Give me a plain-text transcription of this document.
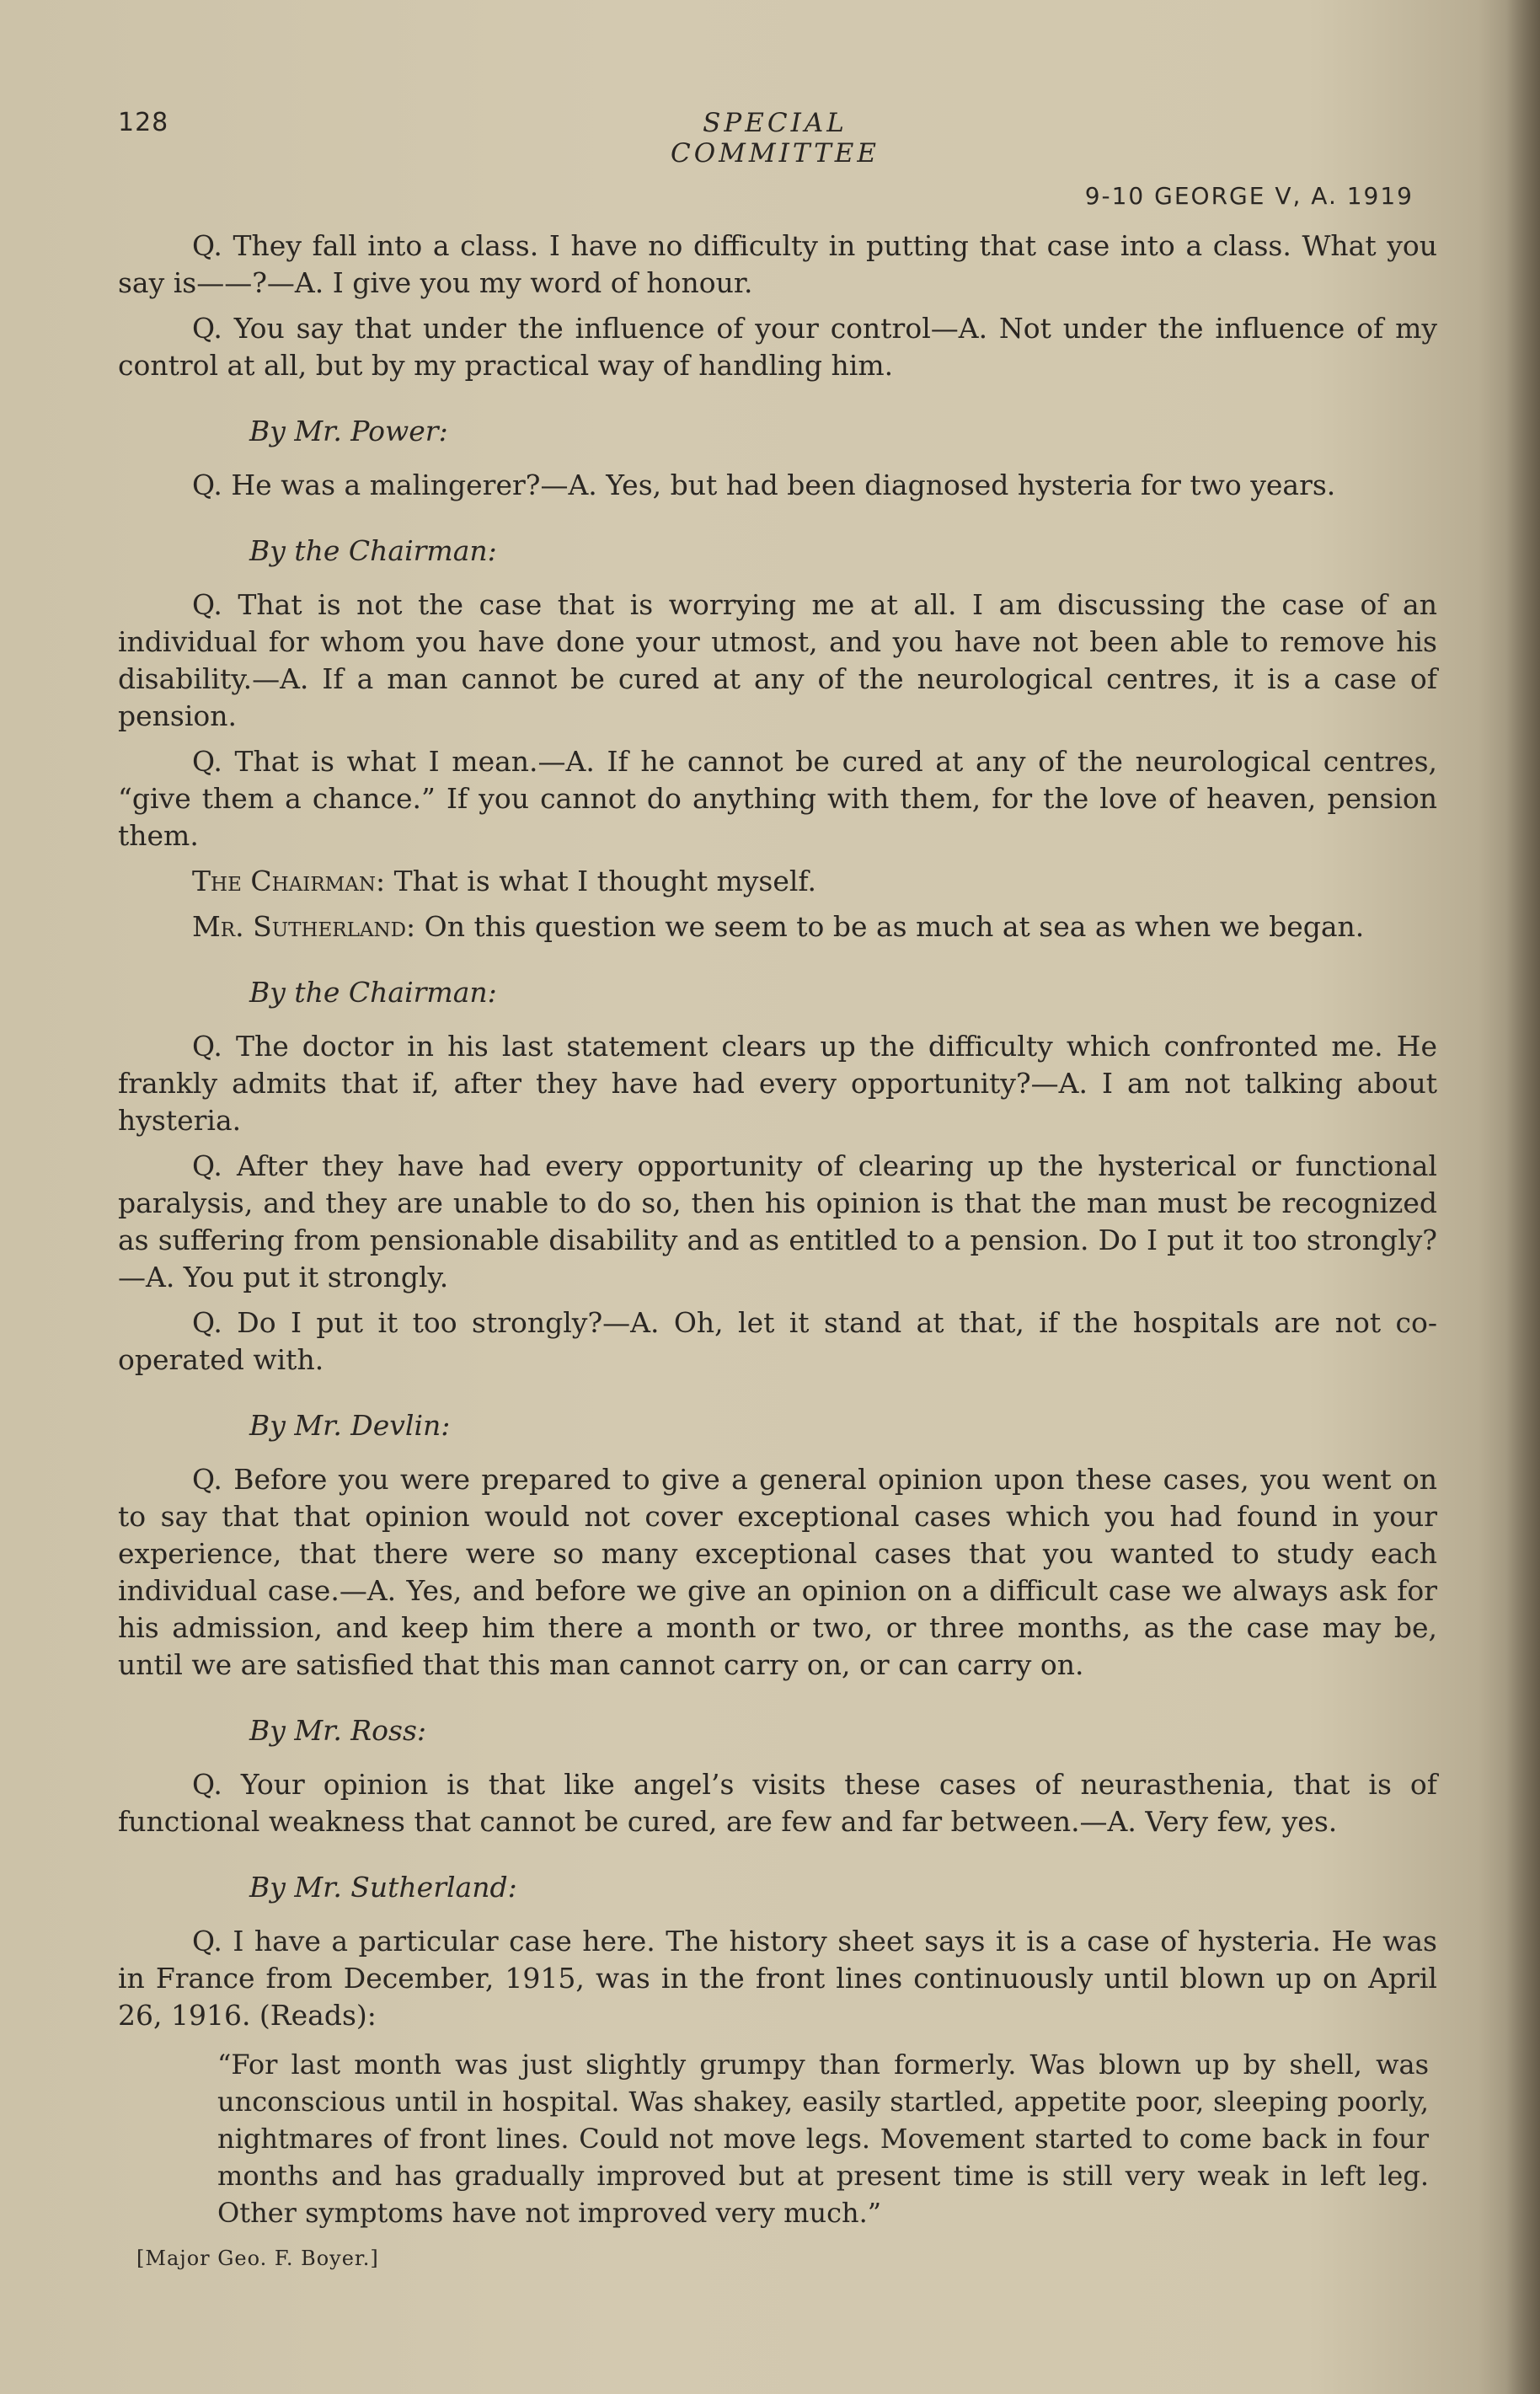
128	SPECIAL COMMITTEE
9-10 GEORGE V, A. 1919

Q. They fall into a class. I have no difficulty in putting that case into a class. What you say is——?—A. I give you my word of honour.

Q. You say that under the influence of your control—A. Not under the influence of my control at all, but by my practical way of handling him.

By Mr. Power:

Q. He was a malingerer?—A. Yes, but had been diagnosed hysteria for two years.

By the Chairman:

Q. That is not the case that is worrying me at all. I am discussing the case of an individual for whom you have done your utmost, and you have not been able to remove his disability.—A. If a man cannot be cured at any of the neurological centres, it is a case of pension.

Q. That is what I mean.—A. If he cannot be cured at any of the neurological centres, “give them a chance.” If you cannot do anything with them, for the love of heaven, pension them.

The Chairman: That is what I thought myself.

Mr. Sutherland: On this question we seem to be as much at sea as when we began.

By the Chairman:

Q. The doctor in his last statement clears up the difficulty which confronted me. He frankly admits that if, after they have had every opportunity?—A. I am not talking about hysteria.

Q. After they have had every opportunity of clearing up the hysterical or functional paralysis, and they are unable to do so, then his opinion is that the man must be recognized as suffering from pensionable disability and as entitled to a pension. Do I put it too strongly?—A. You put it strongly.

Q. Do I put it too strongly?—A. Oh, let it stand at that, if the hospitals are not co-operated with.

By Mr. Devlin:

Q. Before you were prepared to give a general opinion upon these cases, you went on to say that that opinion would not cover exceptional cases which you had found in your experience, that there were so many exceptional cases that you wanted to study each individual case.—A. Yes, and before we give an opinion on a difficult case we always ask for his admission, and keep him there a month or two, or three months, as the case may be, until we are satisfied that this man cannot carry on, or can carry on.

By Mr. Ross:

Q. Your opinion is that like angel’s visits these cases of neurasthenia, that is of functional weakness that cannot be cured, are few and far between.—A. Very few, yes.

By Mr. Sutherland:

Q. I have a particular case here. The history sheet says it is a case of hysteria. He was in France from December, 1915, was in the front lines continuously until blown up on April 26, 1916. (Reads):

“For last month was just slightly grumpy than formerly. Was blown up by shell, was unconscious until in hospital. Was shakey, easily startled, appetite poor, sleeping poorly, nightmares of front lines. Could not move legs. Movement started to come back in four months and has gradually improved but at present time is still very weak in left leg. Other symptoms have not improved very much.”
[Major Geo. F. Boyer.]
